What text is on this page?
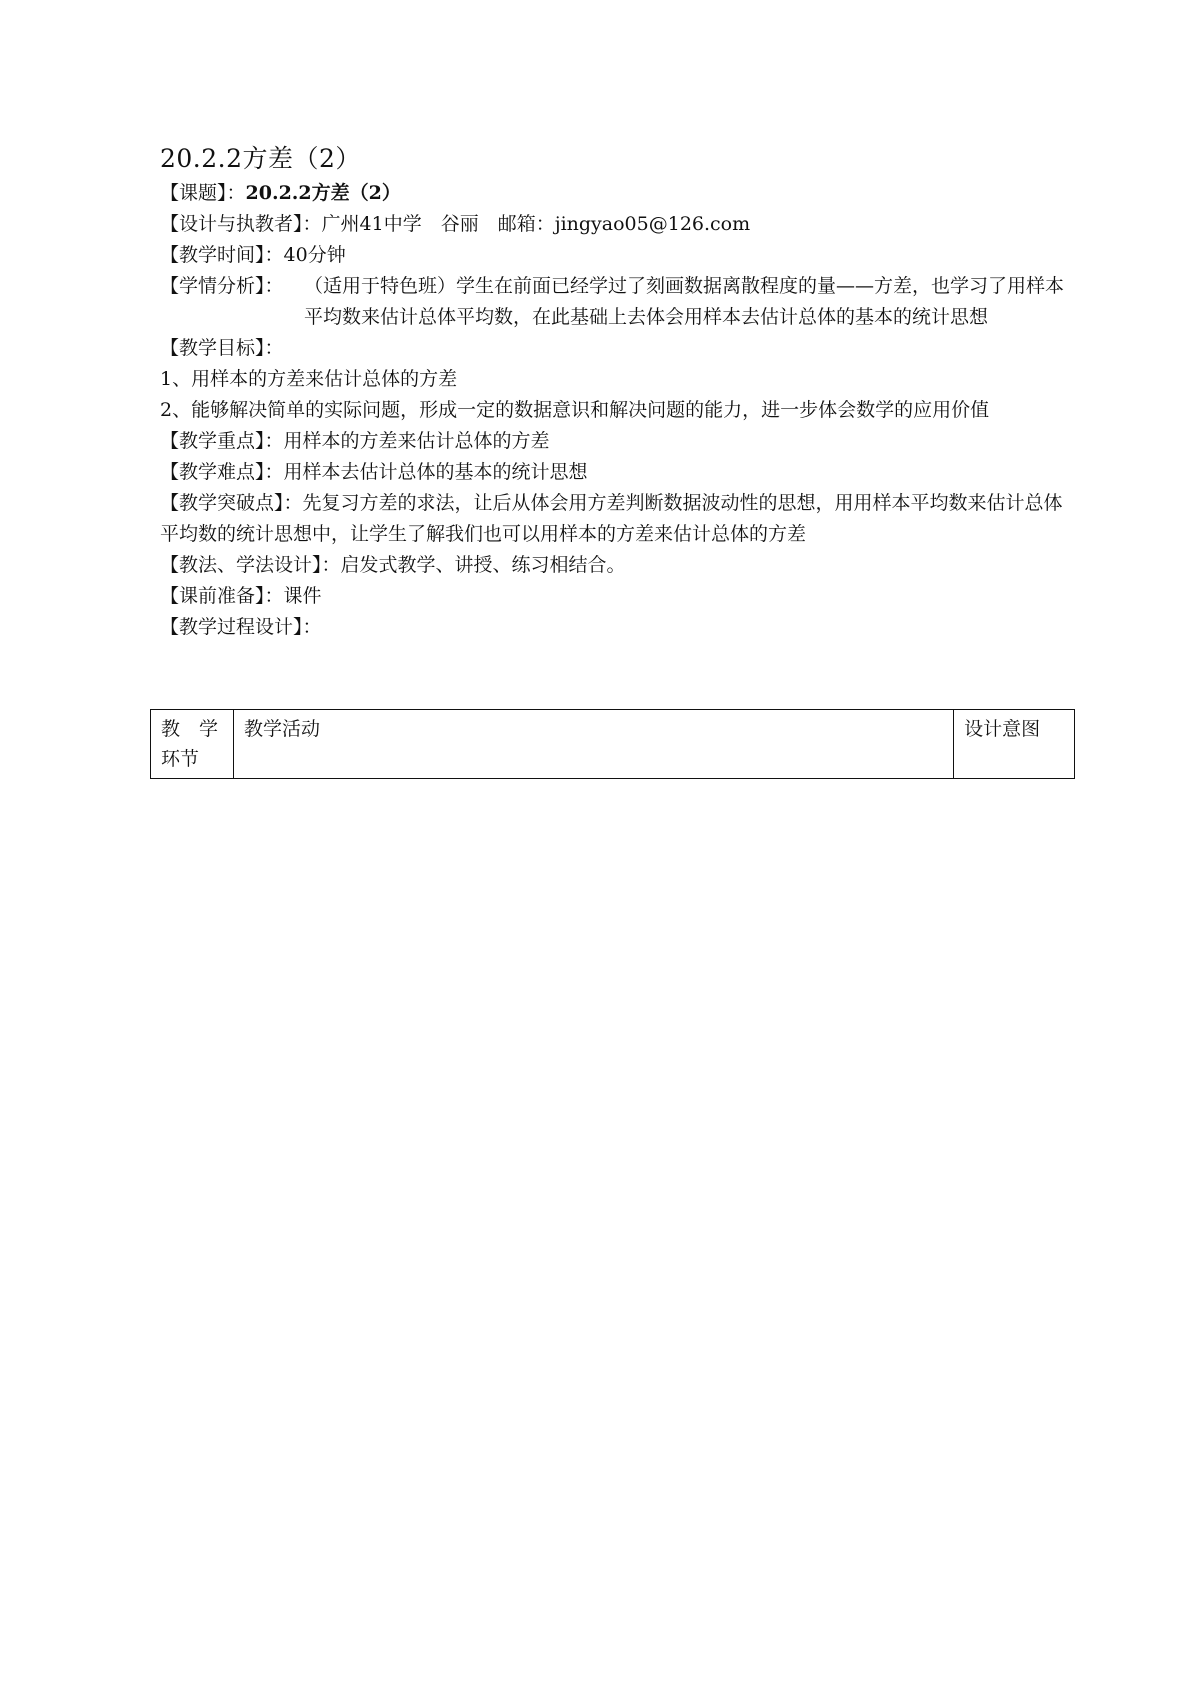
20.2.2方差（2）

【课题】：20.2.2方差（2）

【设计与执教者】：广州41中学　谷丽　邮箱：jingyao05@126.com

【教学时间】：40分钟

【学情分析】：	（适用于特色班）学生在前面已经学过了刻画数据离散程度的量——方差，也学习了用样本平均数来估计总体平均数，在此基础上去体会用样本去估计总体的基本的统计思想

【教学目标】：

1、用样本的方差来估计总体的方差

2、能够解决简单的实际问题，形成一定的数据意识和解决问题的能力，进一步体会数学的应用价值

【教学重点】：用样本的方差来估计总体的方差

【教学难点】：用样本去估计总体的基本的统计思想

【教学突破点】：先复习方差的求法，让后从体会用方差判断数据波动性的思想，用用样本平均数来估计总体平均数的统计思想中，让学生了解我们也可以用样本的方差来估计总体的方差

【教法、学法设计】：启发式教学、讲授、练习相结合。

【课前准备】：课件

【教学过程设计】：

教　学环节	教学活动	设计意图
